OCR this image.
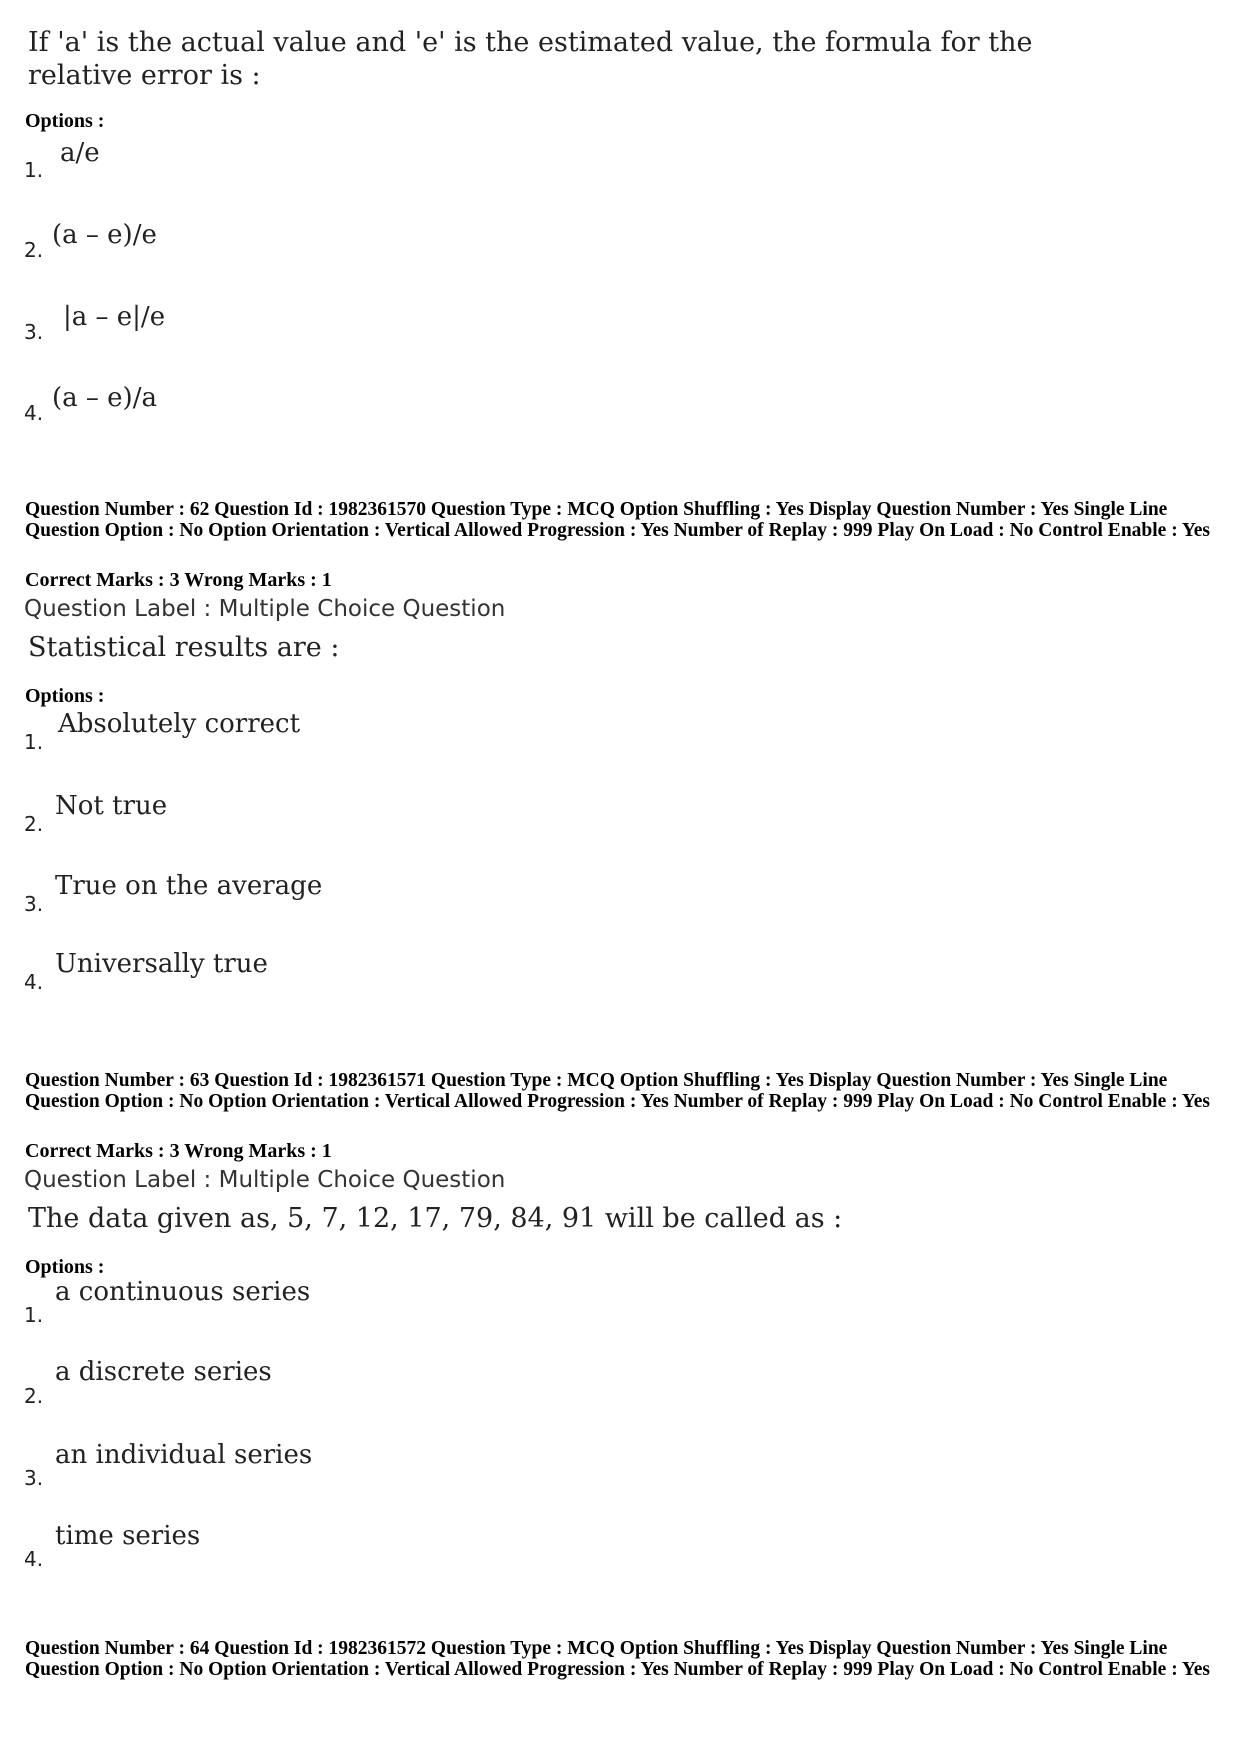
If 'a' is the actual value and 'e' is the estimated value, the formula for the relative error is :
Options :
1.
a/e
2. (a – e)/e
3. |a – e|/e
4. (a – e)/a
Question Number : 62 Question Id : 1982361570 Question Type : MCQ Option Shuffling : Yes Display Question Number : Yes Single Line Question Option : No Option Orientation : Vertical Allowed Progression : Yes Number of Replay : 999 Play On Load : No Control Enable : Yes
Correct Marks : 3 Wrong Marks : 1
Question Label : Multiple Choice Question
Statistical results are :
Options :
1.
Absolutely correct
2.
Not true
3.
True on the average
4.
Universally true
Question Number : 63 Question Id : 1982361571 Question Type : MCQ Option Shuffling : Yes Display Question Number : Yes Single Line Question Option : No Option Orientation : Vertical Allowed Progression : Yes Number of Replay : 999 Play On Load : No Control Enable : Yes
Correct Marks : 3 Wrong Marks : 1
Question Label : Multiple Choice Question
The data given as, 5, 7, 12, 17, 79, 84, 91 will be called as :
Options :
1.
a continuous series
2.
a discrete series
3.
an individual series
4.
time series
Question Number : 64 Question Id : 1982361572 Question Type : MCQ Option Shuffling : Yes Display Question Number : Yes Single Line Question Option : No Option Orientation : Vertical Allowed Progression : Yes Number of Replay : 999 Play On Load : No Control Enable : Yes
